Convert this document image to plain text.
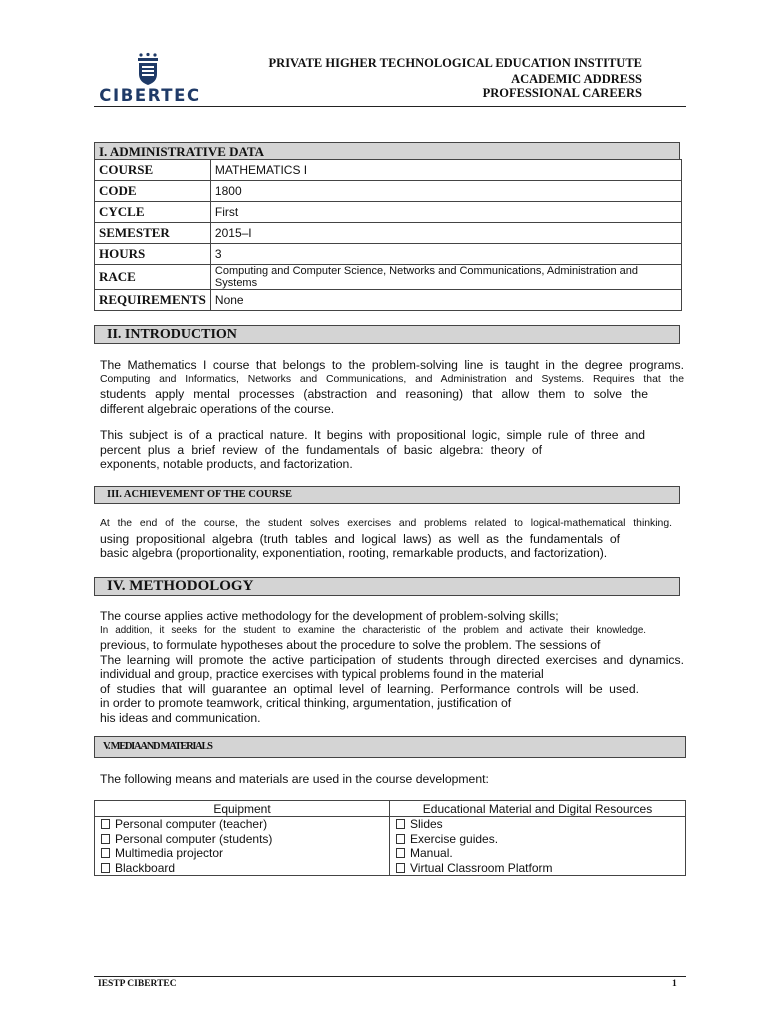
CIBERTEC
PRIVATE HIGHER TECHNOLOGICAL EDUCATION INSTITUTE
ACADEMIC ADDRESS
PROFESSIONAL CAREERS
I. ADMINISTRATIVE DATA
COURSE	MATHEMATICS I
CODE	1800
CYCLE	First
SEMESTER	2015–I
HOURS	3
RACE	Computing and Computer Science, Networks and Communications, Administration and Systems
REQUIREMENTS	None
II. INTRODUCTION
The Mathematics I course that belongs to the problem-solving line is taught in the degree programs.
Computing and Informatics, Networks and Communications, and Administration and Systems. Requires that the
students apply mental processes (abstraction and reasoning) that allow them to solve the
different algebraic operations of the course.
This subject is of a practical nature. It begins with propositional logic, simple rule of three and
percent plus a brief review of the fundamentals of basic algebra: theory of
exponents, notable products, and factorization.
III. ACHIEVEMENT OF THE COURSE
At the end of the course, the student solves exercises and problems related to logical-mathematical thinking.
using propositional algebra (truth tables and logical laws) as well as the fundamentals of
basic algebra (proportionality, exponentiation, rooting, remarkable products, and factorization).
IV. METHODOLOGY
The course applies active methodology for the development of problem-solving skills;
In addition, it seeks for the student to examine the characteristic of the problem and activate their knowledge.
previous, to formulate hypotheses about the procedure to solve the problem. The sessions of
The learning will promote the active participation of students through directed exercises and dynamics.
individual and group, practice exercises with typical problems found in the material
of studies that will guarantee an optimal level of learning. Performance controls will be used.
in order to promote teamwork, critical thinking, argumentation, justification of
his ideas and communication.
V. MEDIA AND MATERIALS
The following means and materials are used in the course development:
Equipment	Educational Material and Digital Resources
Personal computer (teacher)	Slides
Personal computer (students)	Exercise guides.
Multimedia projector	Manual.
Blackboard	Virtual Classroom Platform
IESTP CIBERTEC	1
